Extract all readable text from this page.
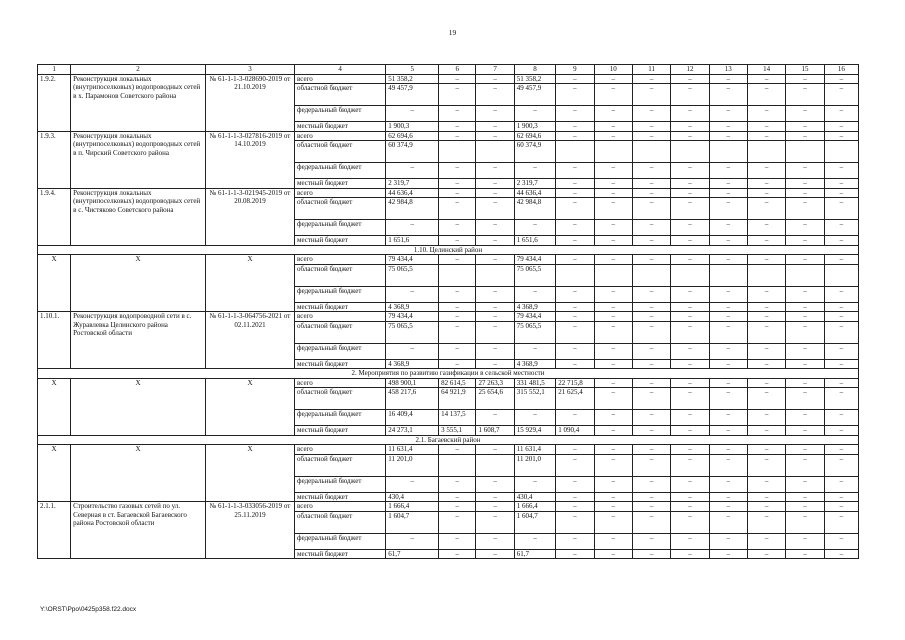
19
1	2	3	4	5	6	7	8	9	10	11	12	13	14	15	16
1.9.2.	Реконструкция локальных (внутрипоселковых) водопроводных сетей в х. Парамонов Советского района	№ 61-1-1-3-028690-2019 от 21.10.2019	всего	51 358,2	–	–	51 358,2	–	–	–	–	–	–	–	–
			областной бюджет	49 457,9	–	–	49 457,9	–	–	–	–	–	–	–	–
			федеральный бюджет	–	–	–	–	–	–	–	–	–	–	–	–
			местный бюджет	1 900,3	–	–	1 900,3	–	–	–	–	–	–	–	–
1.9.3.	Реконструкция локальных (внутрипоселковых) водопроводных сетей в п. Чирский Советского района	№ 61-1-1-3-027816-2019 от 14.10.2019	всего	62 694,6	–	–	62 694,6	–	–	–	–	–	–	–	–
			областной бюджет	60 374,9			60 374,9								
			федеральный бюджет	–	–	–	–	–	–	–	–	–	–	–	–
			местный бюджет	2 319,7	–	–	2 319,7	–	–	–	–	–	–	–	–
1.9.4.	Реконструкция локальных (внутрипоселковых) водопроводных сетей в с. Чистяково Советского района	№ 61-1-1-3-021945-2019 от 20.08.2019	всего	44 636,4	–	–	44 636,4	–	–	–	–	–	–	–	–
			областной бюджет	42 984,8	–	–	42 984,8	–	–	–	–	–	–	–	–
			федеральный бюджет	–	–	–	–	–	–	–	–	–	–	–	–
			местный бюджет	1 651,6	–	–	1 651,6	–	–	–	–	–	–	–	–
1.10. Целинский район															
Х	Х	Х	всего	79 434,4	–	–	79 434,4	–	–	–	–	–	–	–	–
			областной бюджет	75 065,5			75 065,5								
			федеральный бюджет	–	–	–	–	–	–	–	–	–	–	–	–
			местный бюджет	4 368,9	–	–	4 368,9	–	–	–	–	–	–	–	–
1.10.1.	Реконструкция водопроводной сети в с. Журавлевка Целинского района Ростовской области	№ 61-1-1-3-064756-2021 от 02.11.2021	всего	79 434,4	–	–	79 434,4	–	–	–	–	–	–	–	–
			областной бюджет	75 065,5	–	–	75 065,5	–	–	–	–	–	–	–	–
			федеральный бюджет	–	–	–	–	–	–	–	–	–	–	–	–
			местный бюджет	4 368,9	–	–	4 368,9	–	–	–	–	–	–	–	–
2. Мероприятия по развитию газификации в сельской местности															
Х	Х	Х	всего	498 900,1	82 614,5	27 263,3	331 481,5	22 715,8	–	–	–	–	–	–	–
			областной бюджет	458 217,6	64 921,9	25 654,6	315 552,1	21 625,4	–	–	–	–	–	–	–
			федеральный бюджет	16 409,4	14 137,5	–	–	–	–	–	–	–	–	–	–
			местный бюджет	24 273,1	3 555,1	1 608,7	15 929,4	1 090,4	–	–	–	–	–	–	–
2.1. Багаевский район															
Х	Х	Х	всего	11 631,4	–	–	11 631,4	–	–	–	–	–	–	–	–
			областной бюджет	11 201,0			11 201,0	–	–	–	–	–	–	–	–
			федеральный бюджет	–	–	–	–	–	–	–	–	–	–	–	–
			местный бюджет	430,4	–	–	430,4	–	–	–	–	–	–	–	–
2.1.1.	Строительство газовых сетей по ул. Северная в ст. Багаевской Багаевского района Ростовской области	№ 61-1-1-3-033056-2019 от 25.11.2019	всего	1 666,4	–	–	1 666,4	–	–	–	–	–	–	–	–
			областной бюджет	1 604,7	–	–	1 604,7	–	–	–	–	–	–	–	–
			федеральный бюджет	–	–	–	–	–	–	–	–	–	–	–	–
			местный бюджет	61,7	–	–	61,7	–	–	–	–	–	–	–	–
Y:\ORST\Ppo\0425p358.f22.docx
